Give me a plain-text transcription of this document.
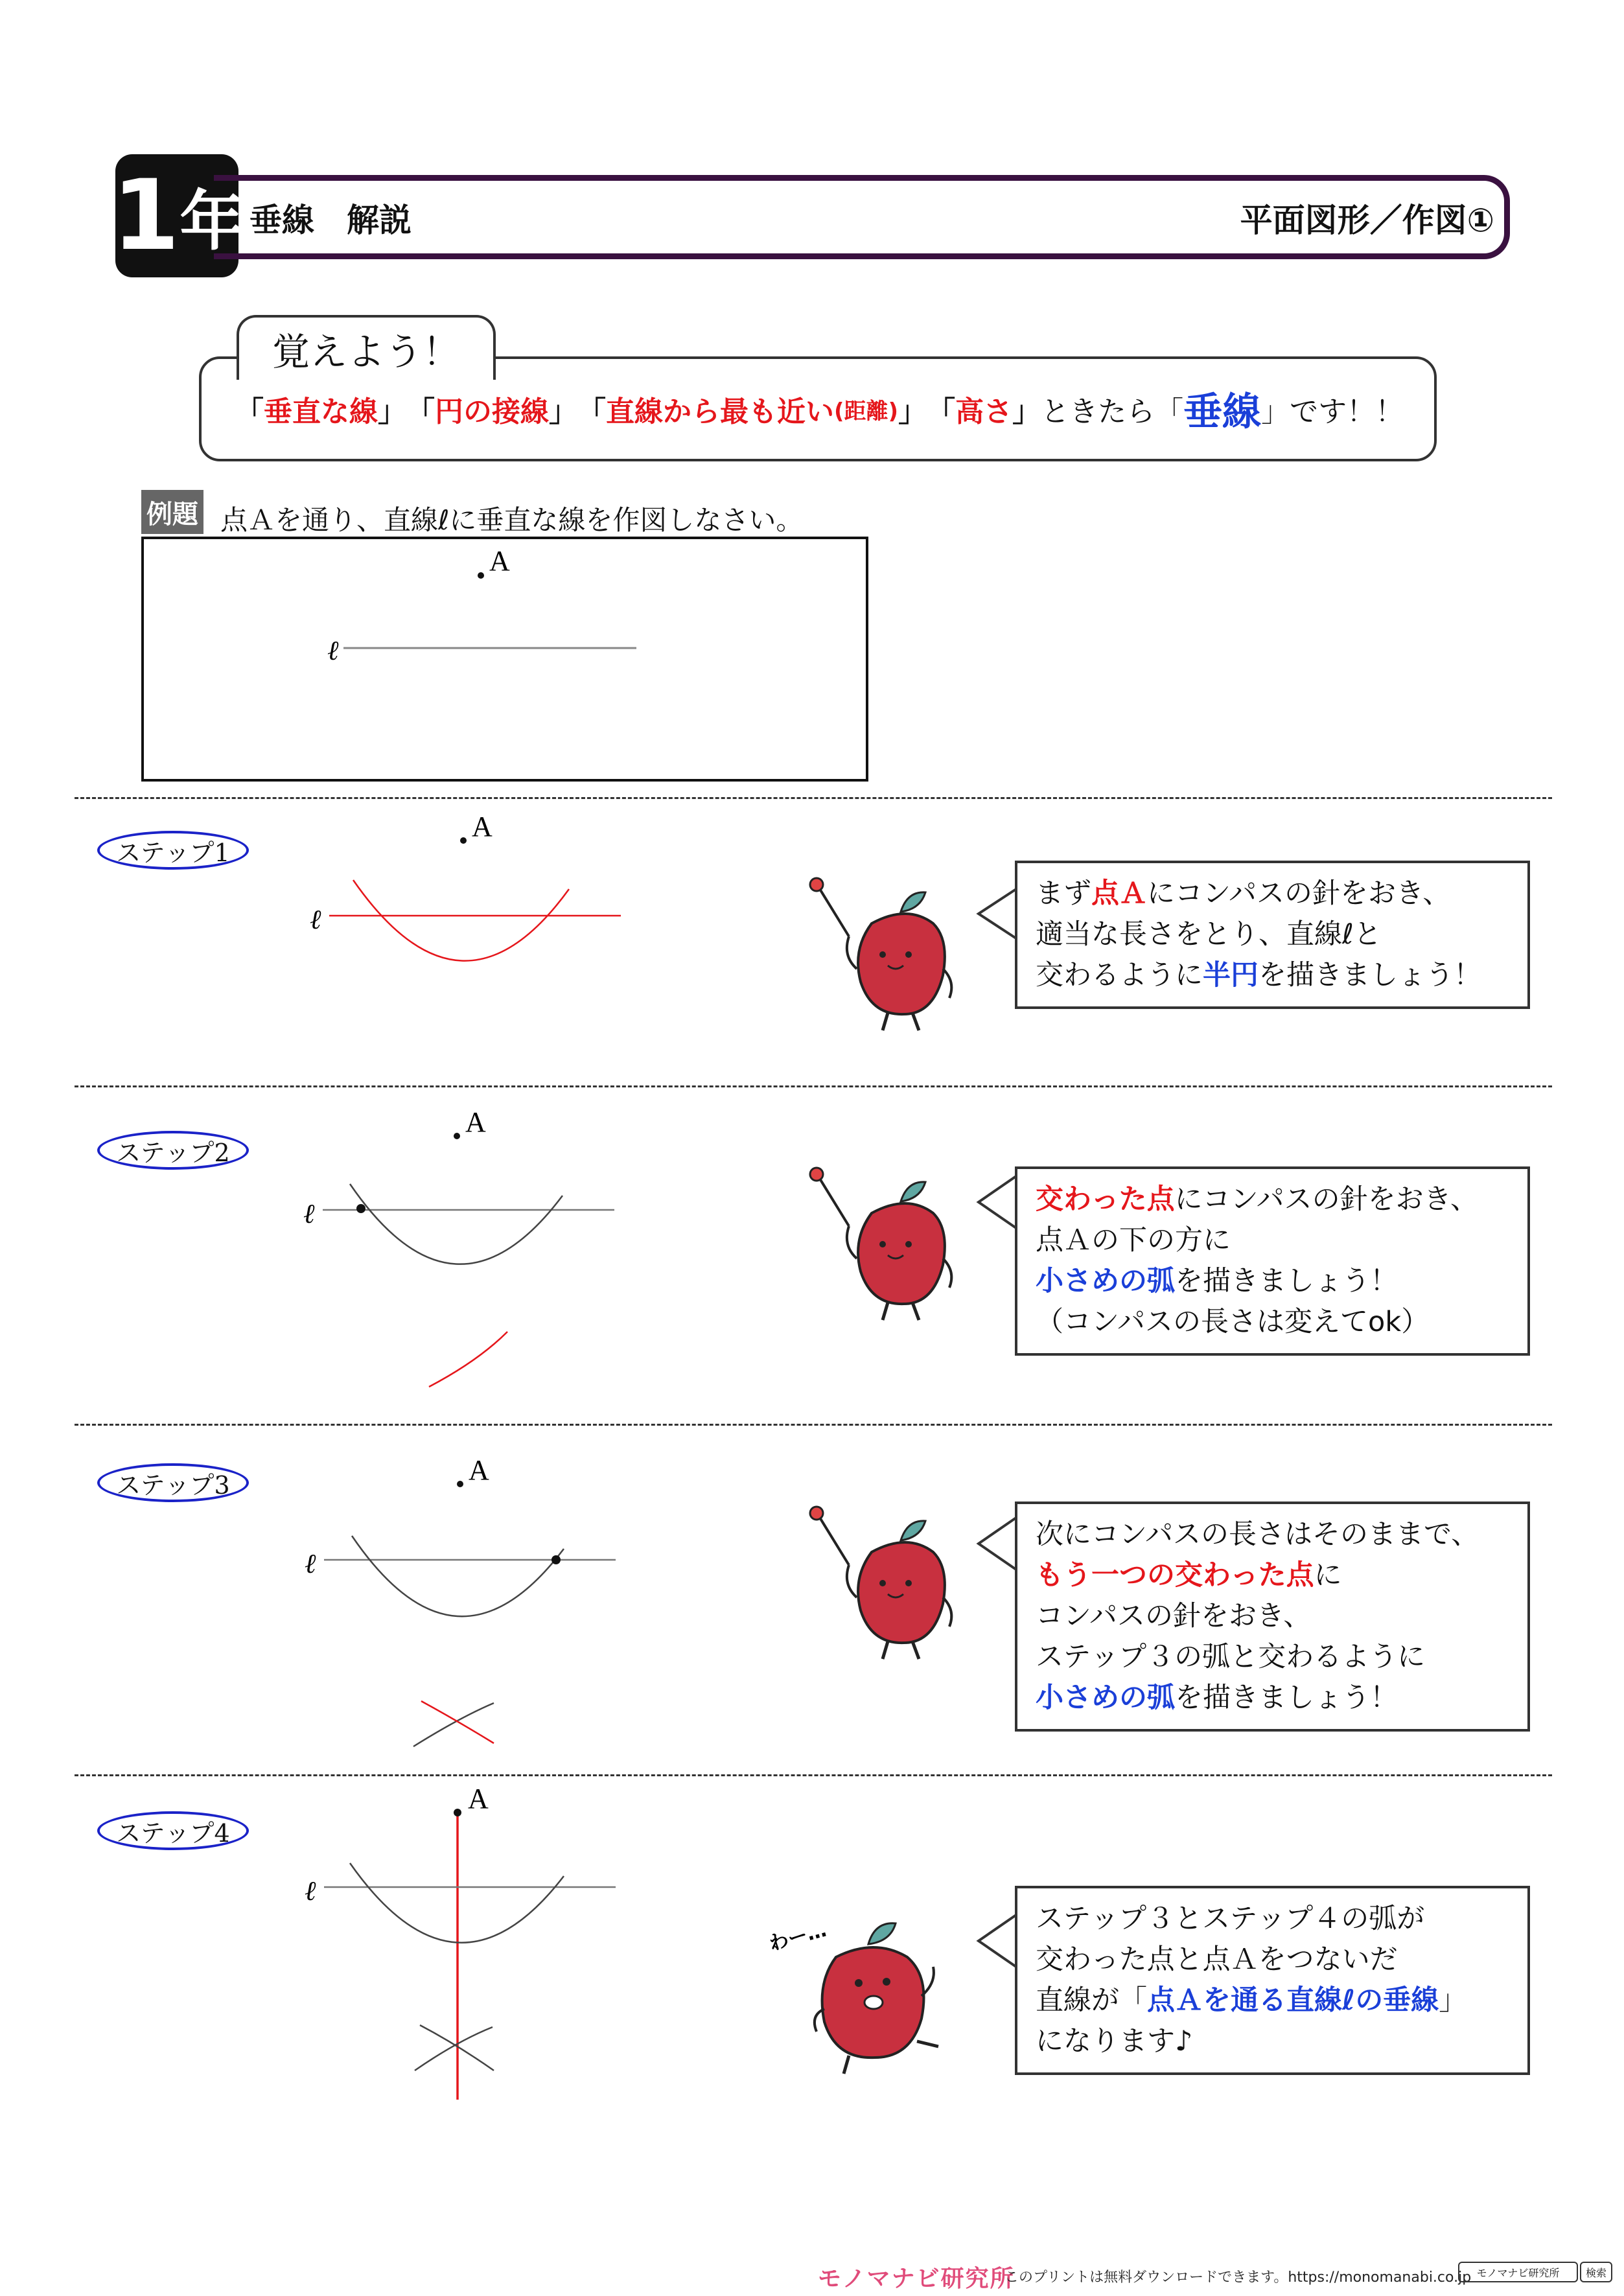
1 年 垂線　解説	平面図形／作図①
覚えよう！
「 垂直な線 」 「 円の接線 」 「 直線から最も近い (距離) 」 「 高さ 」 ときたら「 垂線 」です！！
例題 点Ａを通り、直線ℓに垂直な線を作図しなさい。
ステップ1
ステップ2
ステップ3
ステップ4
A
ℓ
A
ℓ
A
ℓ
A
ℓ
A
ℓ
わー…
まず点Ａにコンパスの針をおき、
適当な長さをとり、直線ℓと
交わるように半円を描きましょう！
交わった点にコンパスの針をおき、
点Ａの下の方に
小さめの弧を描きましょう！
（コンパスの長さは変えてok）
次にコンパスの長さはそのままで、
もう一つの交わった点に
コンパスの針をおき、
ステップ３の弧と交わるように
小さめの弧を描きましょう！
ステップ３とステップ４の弧が
交わった点と点Ａをつないだ
直線が「点Ａを通る直線ℓの垂線」
になります♪
モノマナビ研究所
このプリントは無料ダウンロードできます。https://monomanabi.co.jp モノマナビ研究所	検索
